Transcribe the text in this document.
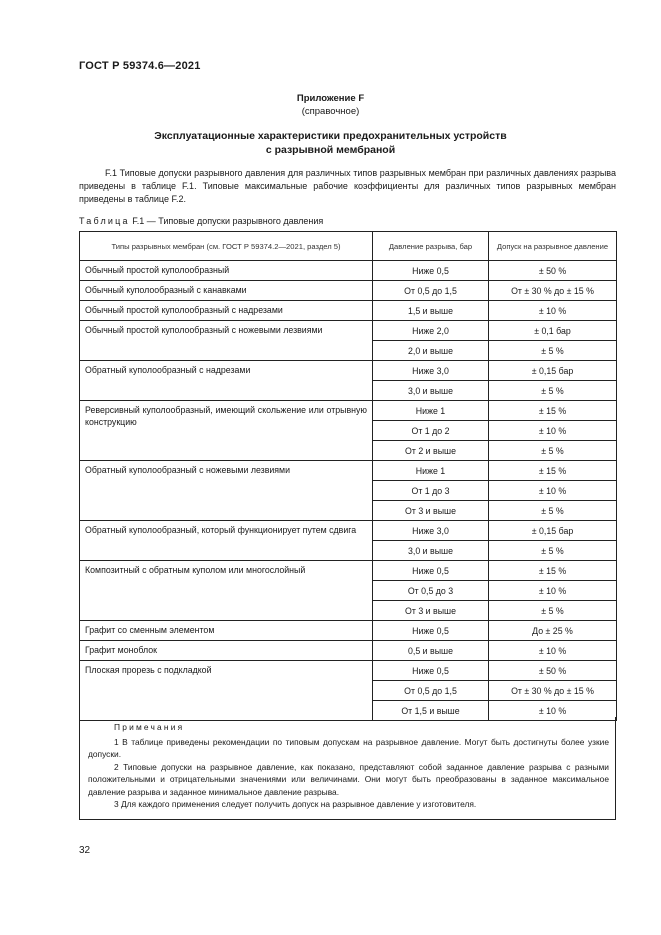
ГОСТ Р 59374.6—2021
Приложение F
(справочное)
Эксплуатационные характеристики предохранительных устройств
с разрывной мембраной

F.1 Типовые допуски разрывного давления для различных типов разрывных мембран при различных давлениях разрыва приведены в таблице F.1. Типовые максимальные рабочие коэффициенты для различных типов разрывных мембран приведены в таблице F.2.

Таблица F.1 — Типовые допуски разрывного давления
Типы разрывных мембран (см. ГОСТ Р 59374.2—2021, раздел 5)	Давление разрыва, бар	Допуск на разрывное давление
Обычный простой куполообразный	Ниже 0,5	± 50 %
Обычный куполообразный с канавками	От 0,5 до 1,5	От ± 30 % до ± 15 %
Обычный простой куполообразный с надрезами	1,5 и выше	± 10 %
Обычный простой куполообразный с ножевыми лезвиями	Ниже 2,0	± 0,1 бар
	2,0 и выше	± 5 %
Обратный куполообразный с надрезами	Ниже 3,0	± 0,15 бар
	3,0 и выше	± 5 %
Реверсивный куполообразный, имеющий скольжение или отрывную конструкцию	Ниже 1	± 15 %
	От 1 до 2	± 10 %
	От 2 и выше	± 5 %
Обратный куполообразный с ножевыми лезвиями	Ниже 1	± 15 %
	От 1 до 3	± 10 %
	От 3 и выше	± 5 %
Обратный куполообразный, который функционирует путем сдвига	Ниже 3,0	± 0,15 бар
	3,0 и выше	± 5 %
Композитный с обратным куполом или многослойный	Ниже 0,5	± 15 %
	От 0,5 до 3	± 10 %
	От 3 и выше	± 5 %
Графит со сменным элементом	Ниже 0,5	До ± 25 %
Графит моноблок	0,5 и выше	± 10 %
Плоская прорезь с подкладкой	Ниже 0,5	± 50 %
	От 0,5 до 1,5	От ± 30 % до ± 15 %
	От 1,5 и выше	± 10 %

Примечания

1 В таблице приведены рекомендации по типовым допускам на разрывное давление. Могут быть достигнуты более узкие допуски.

2 Типовые допуски на разрывное давление, как показано, представляют собой заданное давление разрыва с разными положительными и отрицательными значениями или величинами. Они могут быть преобразованы в заданное максимальное давление разрыва и заданное минимальное давление разрыва.

3 Для каждого применения следует получить допуск на разрывное давление у изготовителя.

32
